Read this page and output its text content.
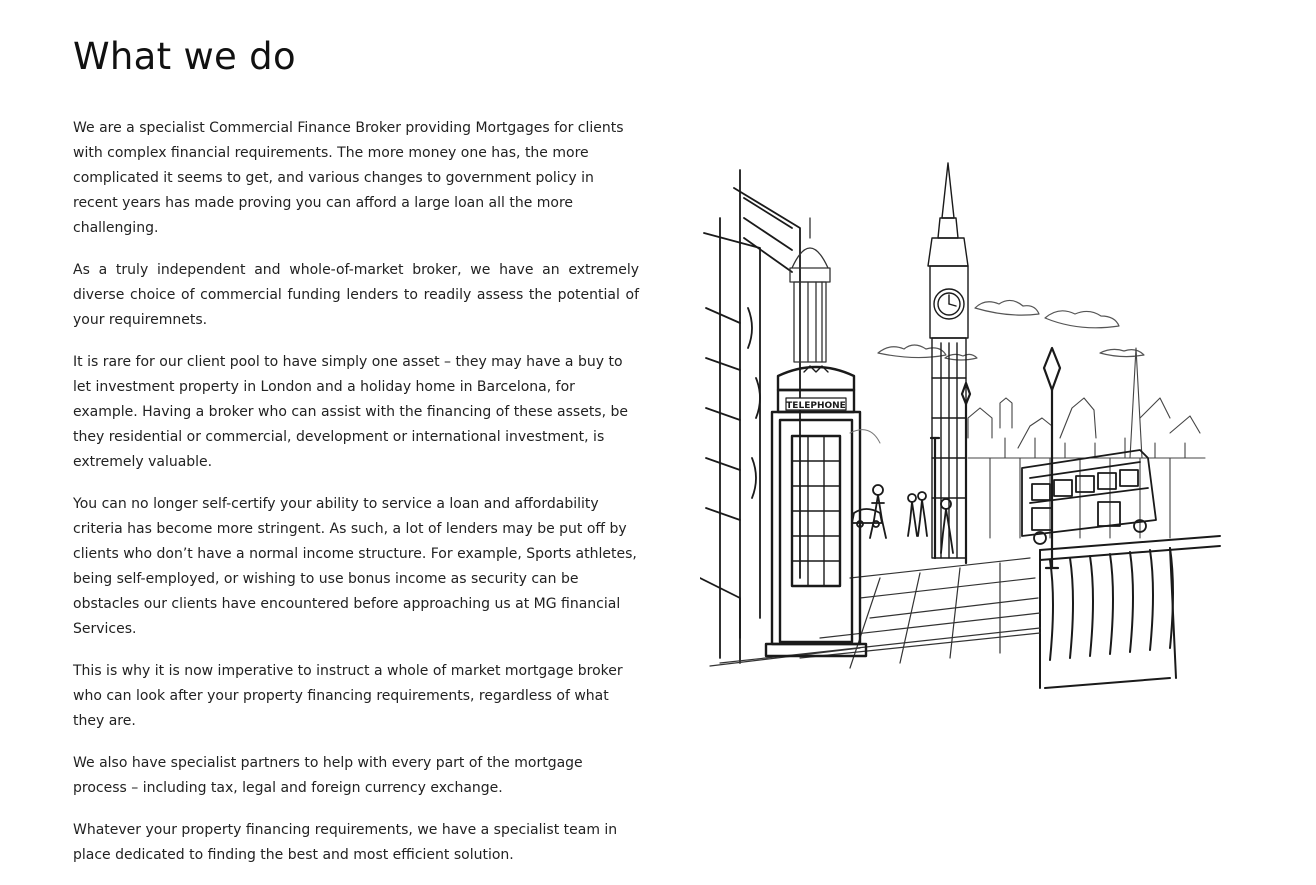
What we do

We are a specialist Commercial Finance Broker providing Mortgages for clients with complex financial requirements. The more money one has, the more complicated it seems to get, and various changes to government policy in recent years has made proving you can afford a large loan all the more challenging.

As a truly independent and whole-of-market broker, we have an extremely diverse choice of commercial funding lenders to readily assess the potential of your requiremnets.

It is rare for our client pool to have simply one asset – they may have a buy to let investment property in London and a holiday home in Barcelona, for example. Having a broker who can assist with the financing of these assets, be they residential or commercial, development or international investment, is extremely valuable.

You can no longer self-certify your ability to service a loan and affordability criteria has become more stringent. As such, a lot of lenders may be put off by clients who don’t have a normal income structure. For example, Sports athletes, being self-employed, or wishing to use bonus income as security can be obstacles our clients have encountered before approaching us at MG financial Services.

This is why it is now imperative to instruct a whole of market mortgage broker who can look after your property financing requirements, regardless of what they are.

We also have specialist partners to help with every part of the mortgage process – including tax, legal and foreign currency exchange.

Whatever your property financing requirements, we have a specialist team in place dedicated to finding the best and most efficient solution.

TELEPHONE
